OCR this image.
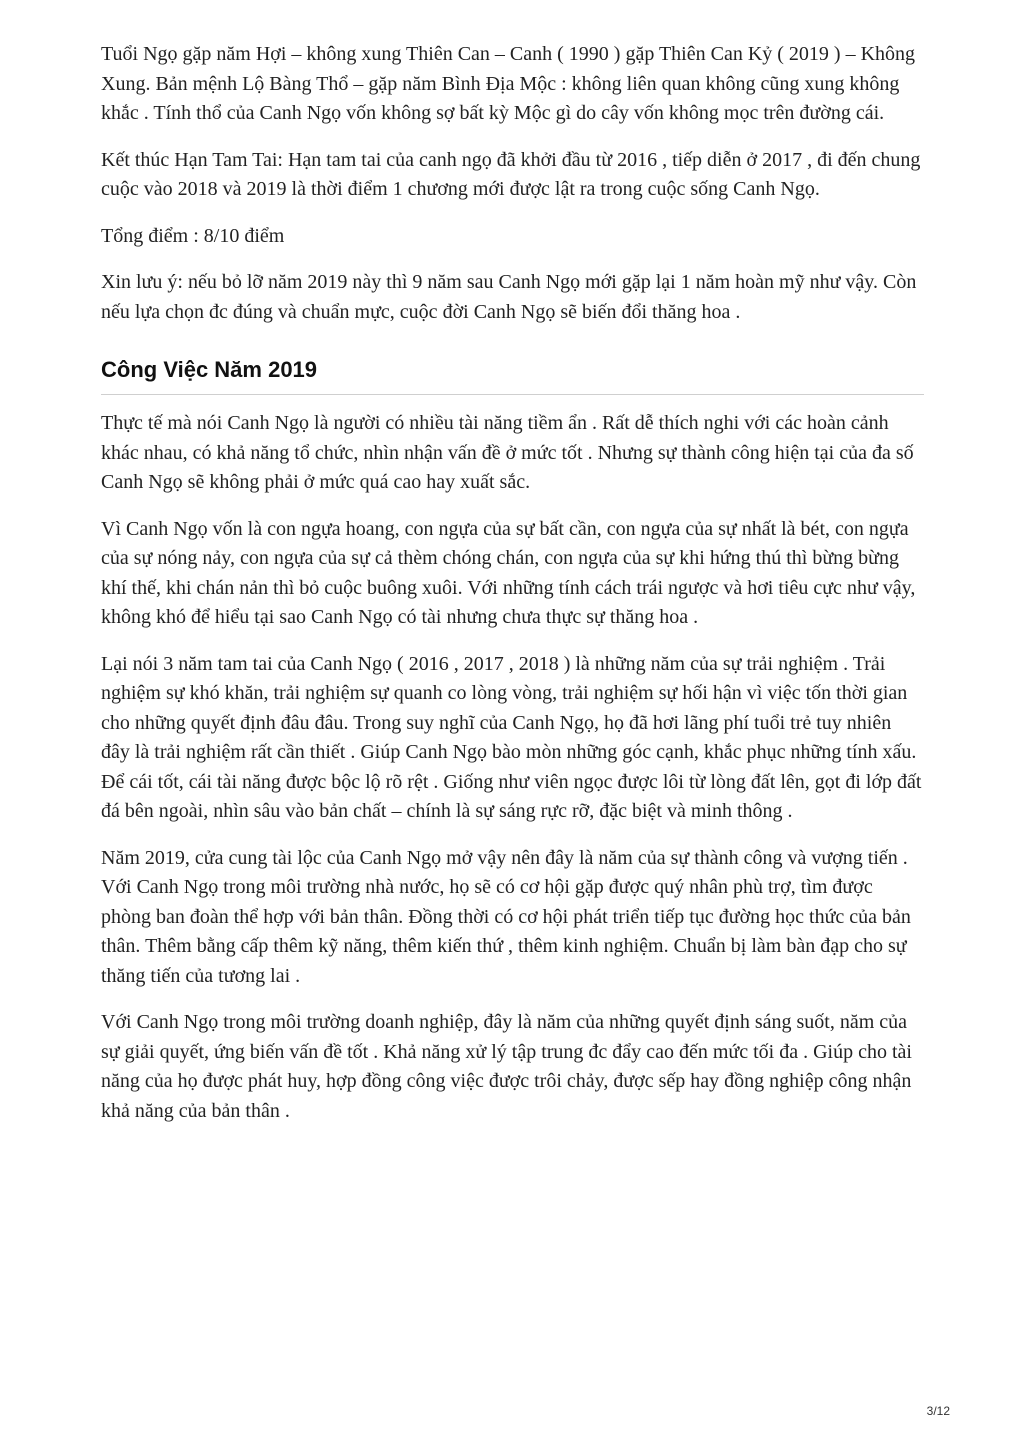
Tuổi Ngọ gặp năm Hợi – không xung Thiên Can – Canh ( 1990 ) gặp Thiên Can Kỷ ( 2019 ) – Không Xung. Bản mệnh Lộ Bàng Thổ – gặp năm Bình Địa Mộc : không liên quan không cũng xung không khắc . Tính thổ của Canh Ngọ vốn không sợ bất kỳ Mộc gì do cây vốn không mọc trên đường cái.

Kết thúc Hạn Tam Tai: Hạn tam tai của canh ngọ đã khởi đầu từ 2016 , tiếp diễn ở 2017 , đi đến chung cuộc vào 2018 và 2019 là thời điểm 1 chương mới được lật ra trong cuộc sống Canh Ngọ.

Tổng điểm : 8/10 điểm

Xin lưu ý: nếu bỏ lỡ năm 2019 này thì 9 năm sau Canh Ngọ mới gặp lại 1 năm hoàn mỹ như vậy. Còn nếu lựa chọn đc đúng và chuẩn mực, cuộc đời Canh Ngọ sẽ biến đổi thăng hoa .

Công Việc Năm 2019

Thực tế mà nói Canh Ngọ là người có nhiều tài năng tiềm ẩn . Rất dễ thích nghi với các hoàn cảnh khác nhau, có khả năng tổ chức, nhìn nhận vấn đề ở mức tốt . Nhưng sự thành công hiện tại của đa số Canh Ngọ sẽ không phải ở mức quá cao hay xuất sắc.

Vì Canh Ngọ vốn là con ngựa hoang, con ngựa của sự bất cần, con ngựa của sự nhất là bét, con ngựa của sự nóng nảy, con ngựa của sự cả thèm chóng chán, con ngựa của sự khi hứng thú thì bừng bừng khí thế, khi chán nản thì bỏ cuộc buông xuôi. Với những tính cách trái ngược và hơi tiêu cực như vậy, không khó để hiểu tại sao Canh Ngọ có tài nhưng chưa thực sự thăng hoa .

Lại nói 3 năm tam tai của Canh Ngọ ( 2016 , 2017 , 2018 ) là những năm của sự trải nghiệm . Trải nghiệm sự khó khăn, trải nghiệm sự quanh co lòng vòng, trải nghiệm sự hối hận vì việc tốn thời gian cho những quyết định đâu đâu. Trong suy nghĩ của Canh Ngọ, họ đã hơi lãng phí tuổi trẻ tuy nhiên đây là trải nghiệm rất cần thiết . Giúp Canh Ngọ bào mòn những góc cạnh, khắc phục những tính xấu. Để cái tốt, cái tài năng được bộc lộ rõ rệt . Giống như viên ngọc được lôi từ lòng đất lên, gọt đi lớp đất đá bên ngoài, nhìn sâu vào bản chất – chính là sự sáng rực rỡ, đặc biệt và minh thông .

Năm 2019, cửa cung tài lộc của Canh Ngọ mở vậy nên đây là năm của sự thành công và vượng tiến . Với Canh Ngọ trong môi trường nhà nước, họ sẽ có cơ hội gặp được quý nhân phù trợ, tìm được phòng ban đoàn thể hợp với bản thân. Đồng thời có cơ hội phát triển tiếp tục đường học thức của bản thân. Thêm bằng cấp thêm kỹ năng, thêm kiến thứ , thêm kinh nghiệm. Chuẩn bị làm bàn đạp cho sự thăng tiến của tương lai .

Với Canh Ngọ trong môi trường doanh nghiệp, đây là năm của những quyết định sáng suốt, năm của sự giải quyết, ứng biến vấn đề tốt . Khả năng xử lý tập trung đc đẩy cao đến mức tối đa . Giúp cho tài năng của họ được phát huy, hợp đồng công việc được trôi chảy, được sếp hay đồng nghiệp công nhận khả năng của bản thân .

3/12
